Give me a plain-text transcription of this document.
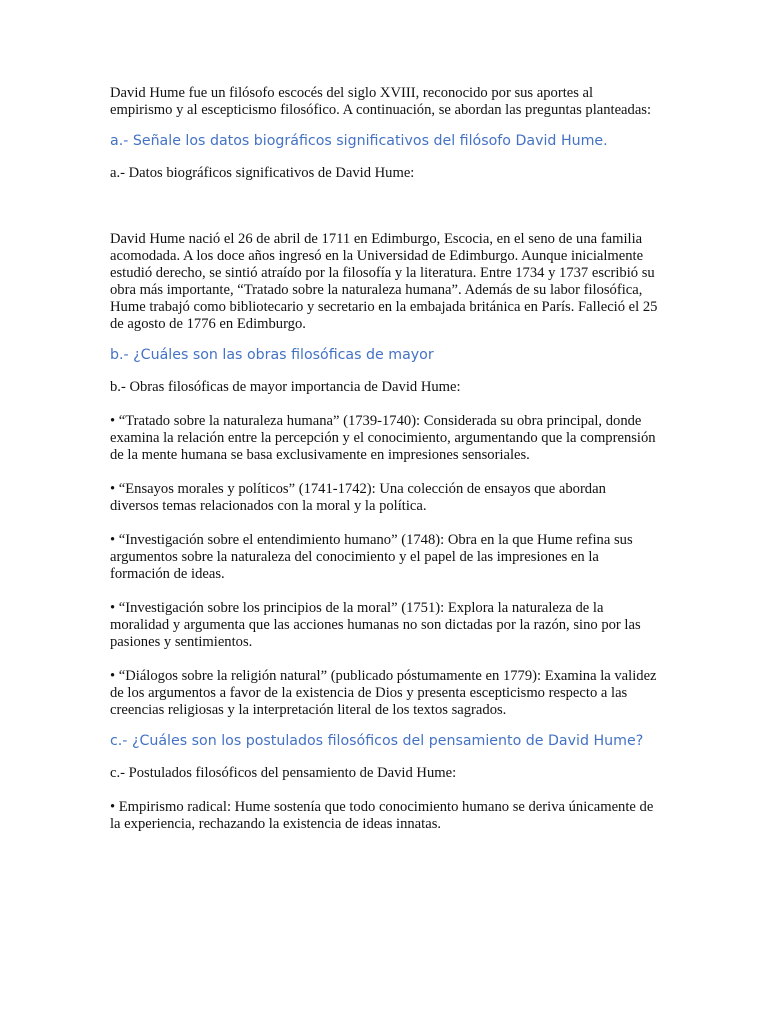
David Hume fue un filósofo escocés del siglo XVIII, reconocido por sus aportes al empirismo y al escepticismo filosófico. A continuación, se abordan las preguntas planteadas:

a.- Señale los datos biográficos significativos del filósofo David Hume.

a.- Datos biográficos significativos de David Hume:

David Hume nació el 26 de abril de 1711 en Edimburgo, Escocia, en el seno de una familia acomodada. A los doce años ingresó en la Universidad de Edimburgo. Aunque inicialmente estudió derecho, se sintió atraído por la filosofía y la literatura. Entre 1734 y 1737 escribió su obra más importante, “Tratado sobre la naturaleza humana”. Además de su labor filosófica, Hume trabajó como bibliotecario y secretario en la embajada británica en París. Falleció el 25 de agosto de 1776 en Edimburgo.

b.- ¿Cuáles son las obras filosóficas de mayor

b.- Obras filosóficas de mayor importancia de David Hume:

• “Tratado sobre la naturaleza humana” (1739-1740): Considerada su obra principal, donde examina la relación entre la percepción y el conocimiento, argumentando que la comprensión de la mente humana se basa exclusivamente en impresiones sensoriales.

• “Ensayos morales y políticos” (1741-1742): Una colección de ensayos que abordan diversos temas relacionados con la moral y la política.

• “Investigación sobre el entendimiento humano” (1748): Obra en la que Hume refina sus argumentos sobre la naturaleza del conocimiento y el papel de las impresiones en la formación de ideas.

• “Investigación sobre los principios de la moral” (1751): Explora la naturaleza de la moralidad y argumenta que las acciones humanas no son dictadas por la razón, sino por las pasiones y sentimientos.

• “Diálogos sobre la religión natural” (publicado póstumamente en 1779): Examina la validez de los argumentos a favor de la existencia de Dios y presenta escepticismo respecto a las creencias religiosas y la interpretación literal de los textos sagrados.

c.- ¿Cuáles son los postulados filosóficos del pensamiento de David Hume?

c.- Postulados filosóficos del pensamiento de David Hume:

• Empirismo radical: Hume sostenía que todo conocimiento humano se deriva únicamente de la experiencia, rechazando la existencia de ideas innatas.
